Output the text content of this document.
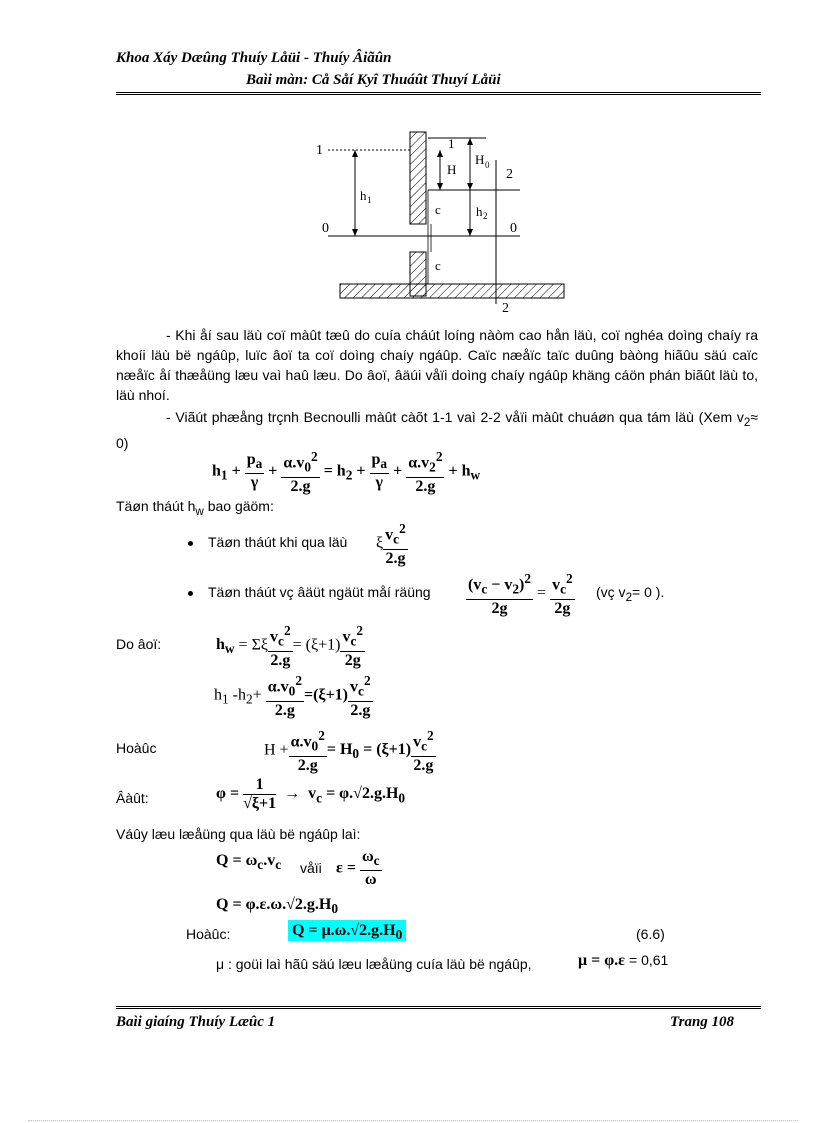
Khoa Xáy Dæûng Thuíy Låüi - Thuíy Âiãûn
Baìi màn: Cå Såí Kyî Thuáût Thuyí Låüi
1
0	0
2
2
1
H
H 0
h 1
h 2
c
c
- Khi åí sau läù coï màût tæû do cuía cháút loíng nàòm cao hån läù, coï nghéa doìng chaíy ra khoíi läù bë ngáûp, luïc âoï ta coï doìng chaíy ngáûp. Caïc næåïc taïc duûng bàòng hiãûu säú caïc næåïc åí thæåüng læu vaì haû læu. Do âoï, âäúi våïi doìng chaíy ngáûp khäng cáön phán biãût läù to, läù nhoí.
- Viãút phæång trçnh Becnoulli màût càõt 1-1 vaì 2-2 våïi màût chuáøn qua tám läù (Xem $v_2\approx 0$)
$h_1 + \frac{p_a}{\gamma} + \frac{\alpha.v_0^2}{2.g} = h_2 + \frac{p_a}{\gamma} + \frac{\alpha.v_2^2}{2.g} + h_w$
Täøn tháút $h_w$ bao gäöm:
Täøn tháút khi qua läù ξ $\frac{v_c^2}{2.g}$
Täøn tháút vç âäüt ngäüt måí räüng $\frac{(v_c - v_2)^2}{2g} = \frac{v_c^2}{2g}$ (vç $v_2= 0$ ).
Do âoï:	$h_w = \Sigma\xi \frac{v_c^2}{2.g} = (\xi+1) \frac{v_c^2}{2g}$
$h_1$ $-h_2+ \frac{\alpha.v_0^2}{2.g} =(\xi+1) \frac{v_c^2}{2.g}$
Hoàûc	$H + \frac{\alpha.v_0^2}{2.g} = H_0 = (\xi+1) \frac{v_c^2}{2.g}$
Âàût:	$\varphi = \frac{1}{√\xi+1} \to v_c = \varphi.√2.g.H_0$
Váûy læu læåüng qua läù bë ngáûp laì:
$Q = \omega_c.v_c$ våïi $\varepsilon = \frac{\omega_c}{\omega}$
$Q = \varphi.\varepsilon.\omega.√2.g.H_0$
Hoàûc:	$Q = \mu.\omega.√2.g.H_0$	(6.6)
μ : goüi laì hãû säú læu læåüng cuía läù bë ngáûp,	μ = φ.ε = 0,61
Baìi giaíng Thuíy Læûc 1	Trang 108
